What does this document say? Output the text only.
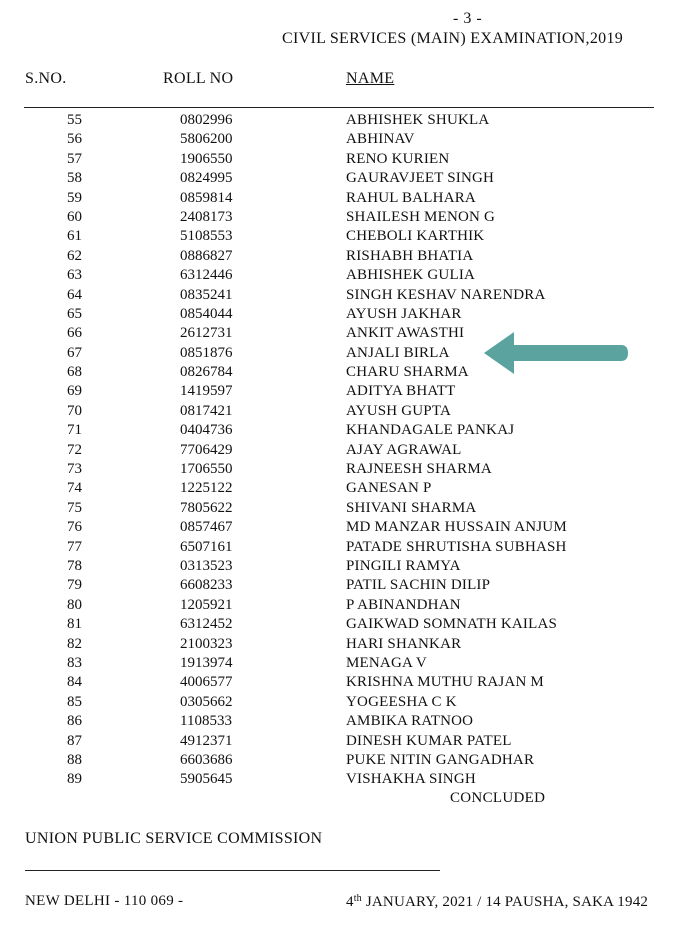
- 3 -
CIVIL SERVICES (MAIN) EXAMINATION,2019
S.NO.	ROLL NO	NAME
55	0802996	ABHISHEK SHUKLA
56	5806200	ABHINAV
57	1906550	RENO KURIEN
58	0824995	GAURAVJEET SINGH
59	0859814	RAHUL BALHARA
60	2408173	SHAILESH MENON G
61	5108553	CHEBOLI KARTHIK
62	0886827	RISHABH BHATIA
63	6312446	ABHISHEK GULIA
64	0835241	SINGH KESHAV NARENDRA
65	0854044	AYUSH JAKHAR
66	2612731	ANKIT AWASTHI
67	0851876	ANJALI BIRLA
68	0826784	CHARU SHARMA
69	1419597	ADITYA BHATT
70	0817421	AYUSH GUPTA
71	0404736	KHANDAGALE PANKAJ
72	7706429	AJAY AGRAWAL
73	1706550	RAJNEESH SHARMA
74	1225122	GANESAN P
75	7805622	SHIVANI SHARMA
76	0857467	MD MANZAR HUSSAIN ANJUM
77	6507161	PATADE SHRUTISHA SUBHASH
78	0313523	PINGILI RAMYA
79	6608233	PATIL SACHIN DILIP
80	1205921	P ABINANDHAN
81	6312452	GAIKWAD SOMNATH KAILAS
82	2100323	HARI SHANKAR
83	1913974	MENAGA V
84	4006577	KRISHNA MUTHU RAJAN M
85	0305662	YOGEESHA C K
86	1108533	AMBIKA RATNOO
87	4912371	DINESH KUMAR PATEL
88	6603686	PUKE NITIN GANGADHAR
89	5905645	VISHAKHA SINGH
CONCLUDED
UNION PUBLIC SERVICE COMMISSION
NEW DELHI - 110 069 -	4th JANUARY, 2021 / 14 PAUSHA, SAKA 1942
